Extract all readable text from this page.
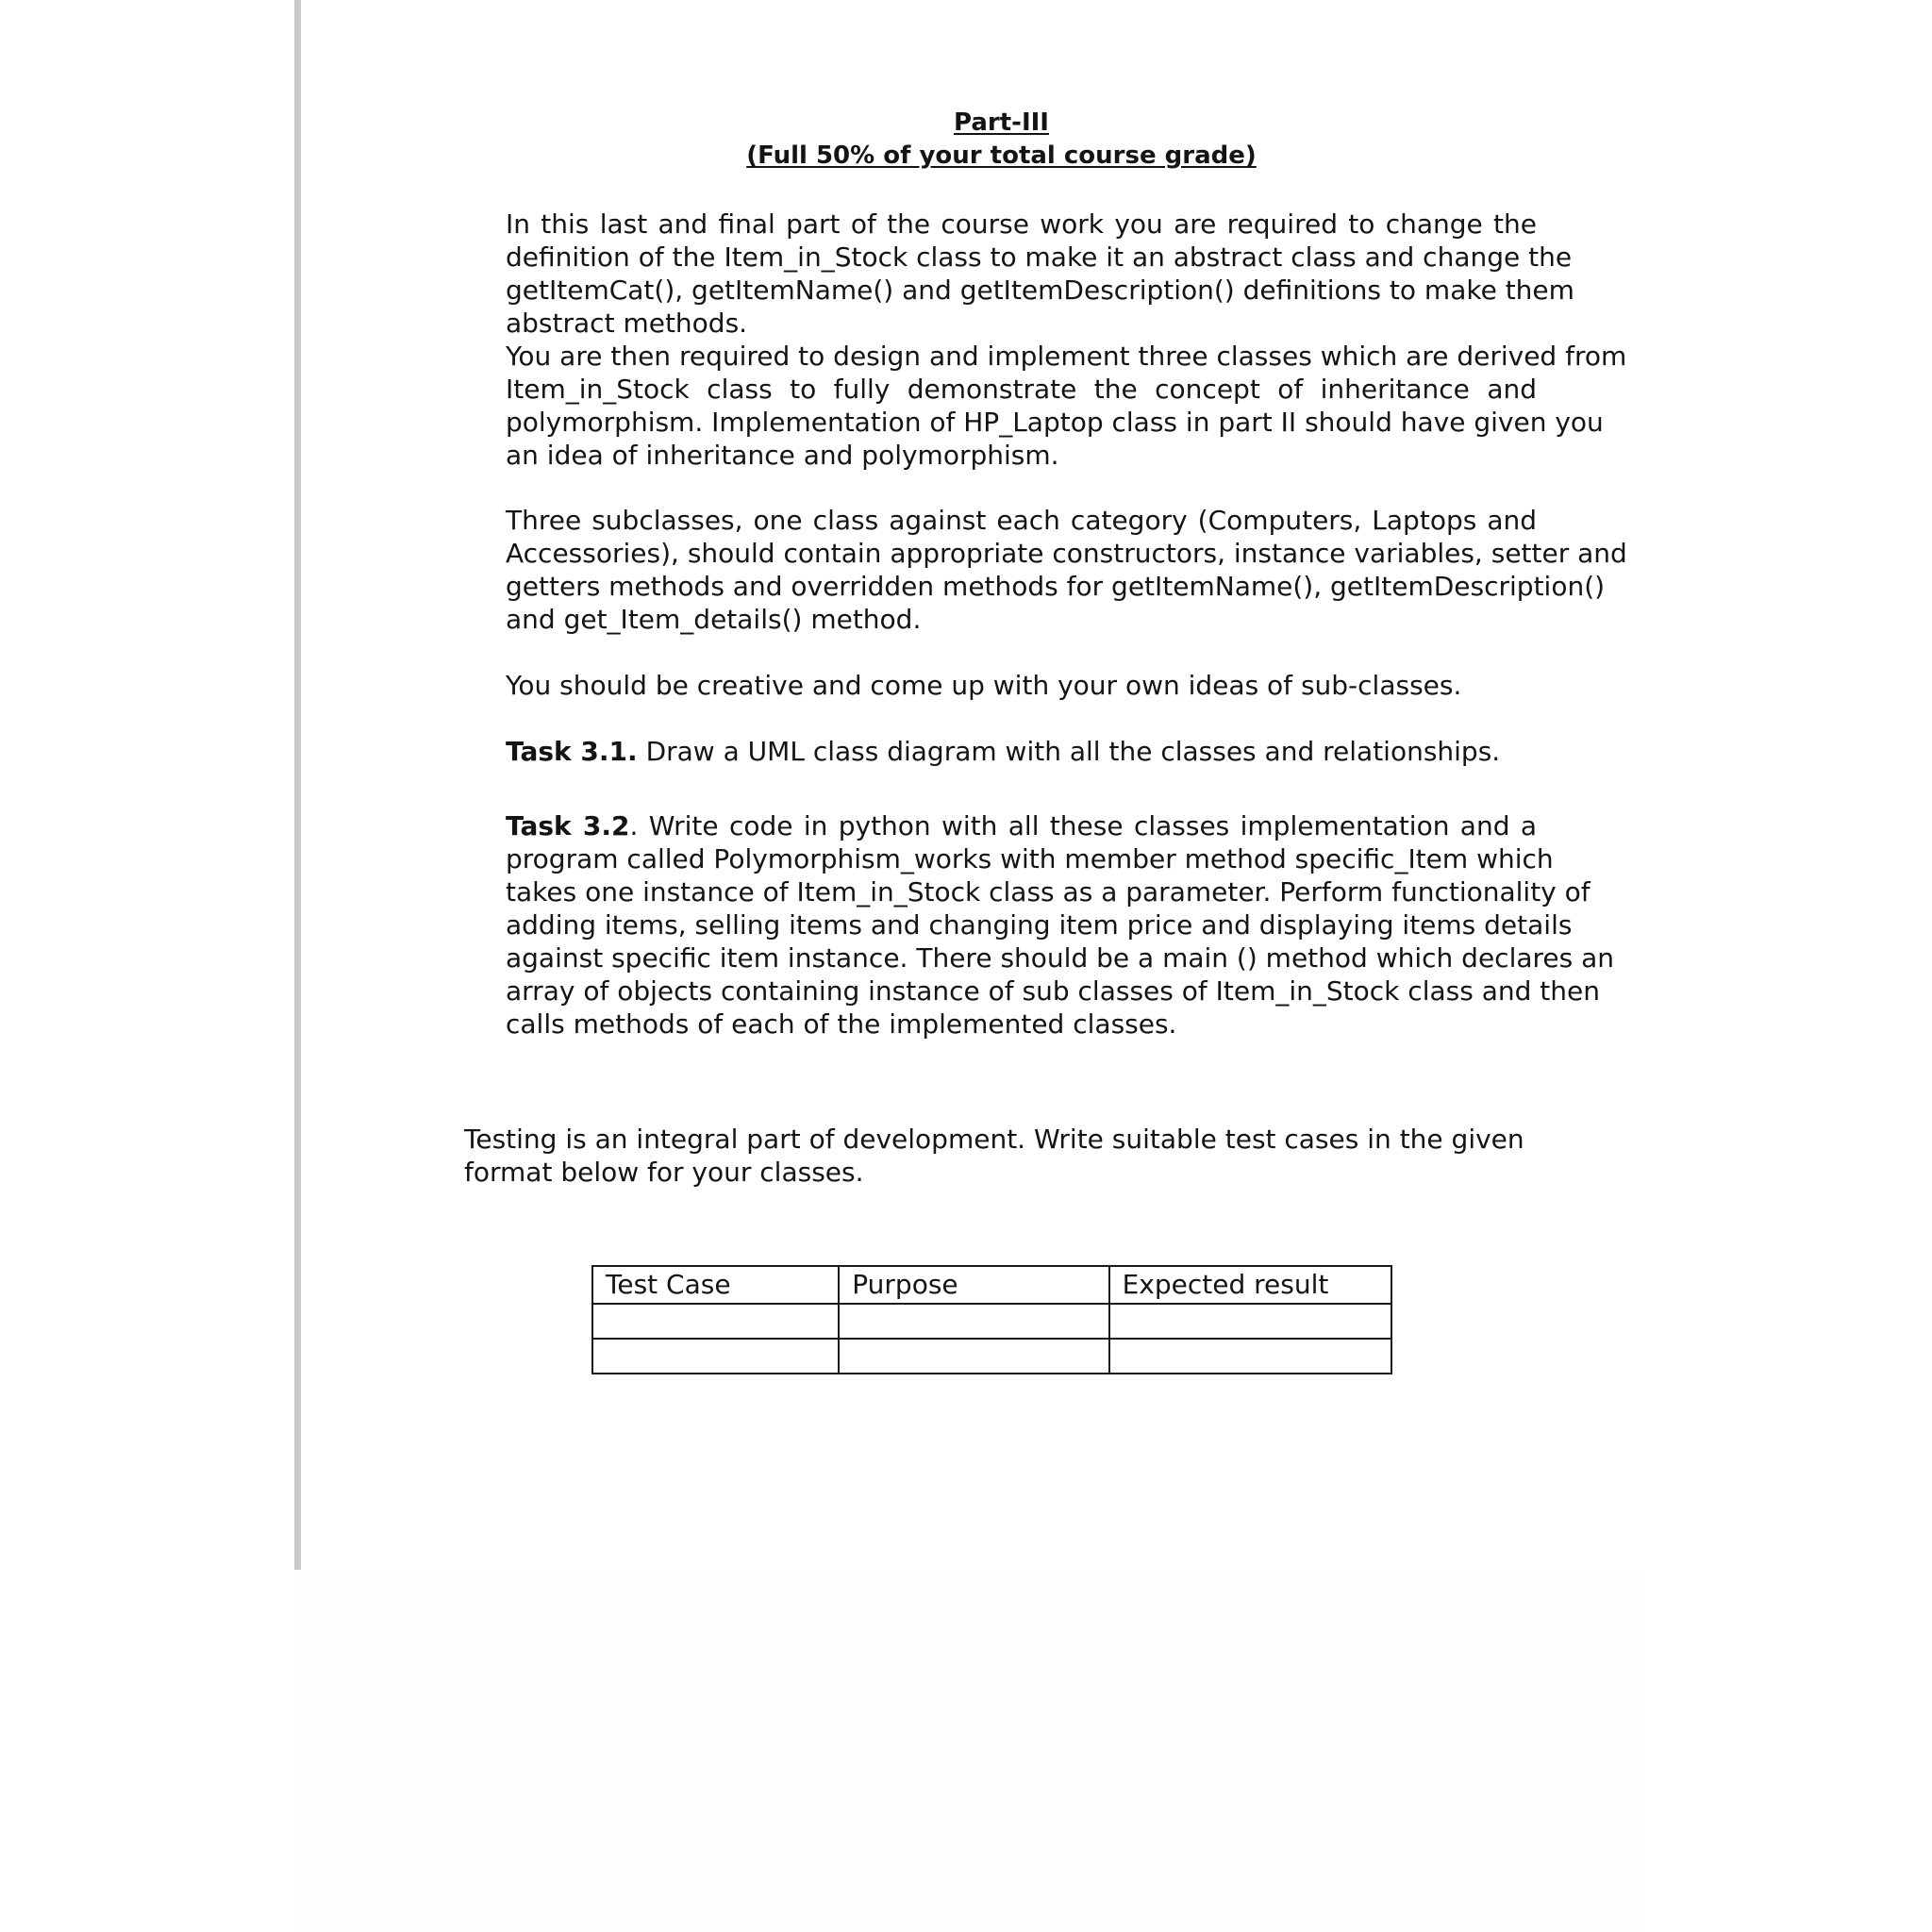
Part-III
(Full 50% of your total course grade)
In this last and final part of the course work you are required to change the
definition of the Item_in_Stock class to make it an abstract class and change the
getItemCat(), getItemName() and getItemDescription() definitions to make them
abstract methods.
You are then required to design and implement three classes which are derived from
Item_in_Stock class to fully demonstrate the concept of inheritance and
polymorphism. Implementation of HP_Laptop class in part II should have given you
an idea of inheritance and polymorphism.
Three subclasses, one class against each category (Computers, Laptops and
Accessories), should contain appropriate constructors, instance variables, setter and
getters methods and overridden methods for getItemName(), getItemDescription()
and get_Item_details() method.
You should be creative and come up with your own ideas of sub-classes.
Task 3.1. Draw a UML class diagram with all the classes and relationships.
Task 3.2. Write code in python with all these classes implementation and a
program called Polymorphism_works with member method specific_Item which
takes one instance of Item_in_Stock class as a parameter. Perform functionality of
adding items, selling items and changing item price and displaying items details
against specific item instance. There should be a main () method which declares an
array of objects containing instance of sub classes of Item_in_Stock class and then
calls methods of each of the implemented classes.
Testing is an integral part of development. Write suitable test cases in the given
format below for your classes.
Test Case	Purpose	Expected result
